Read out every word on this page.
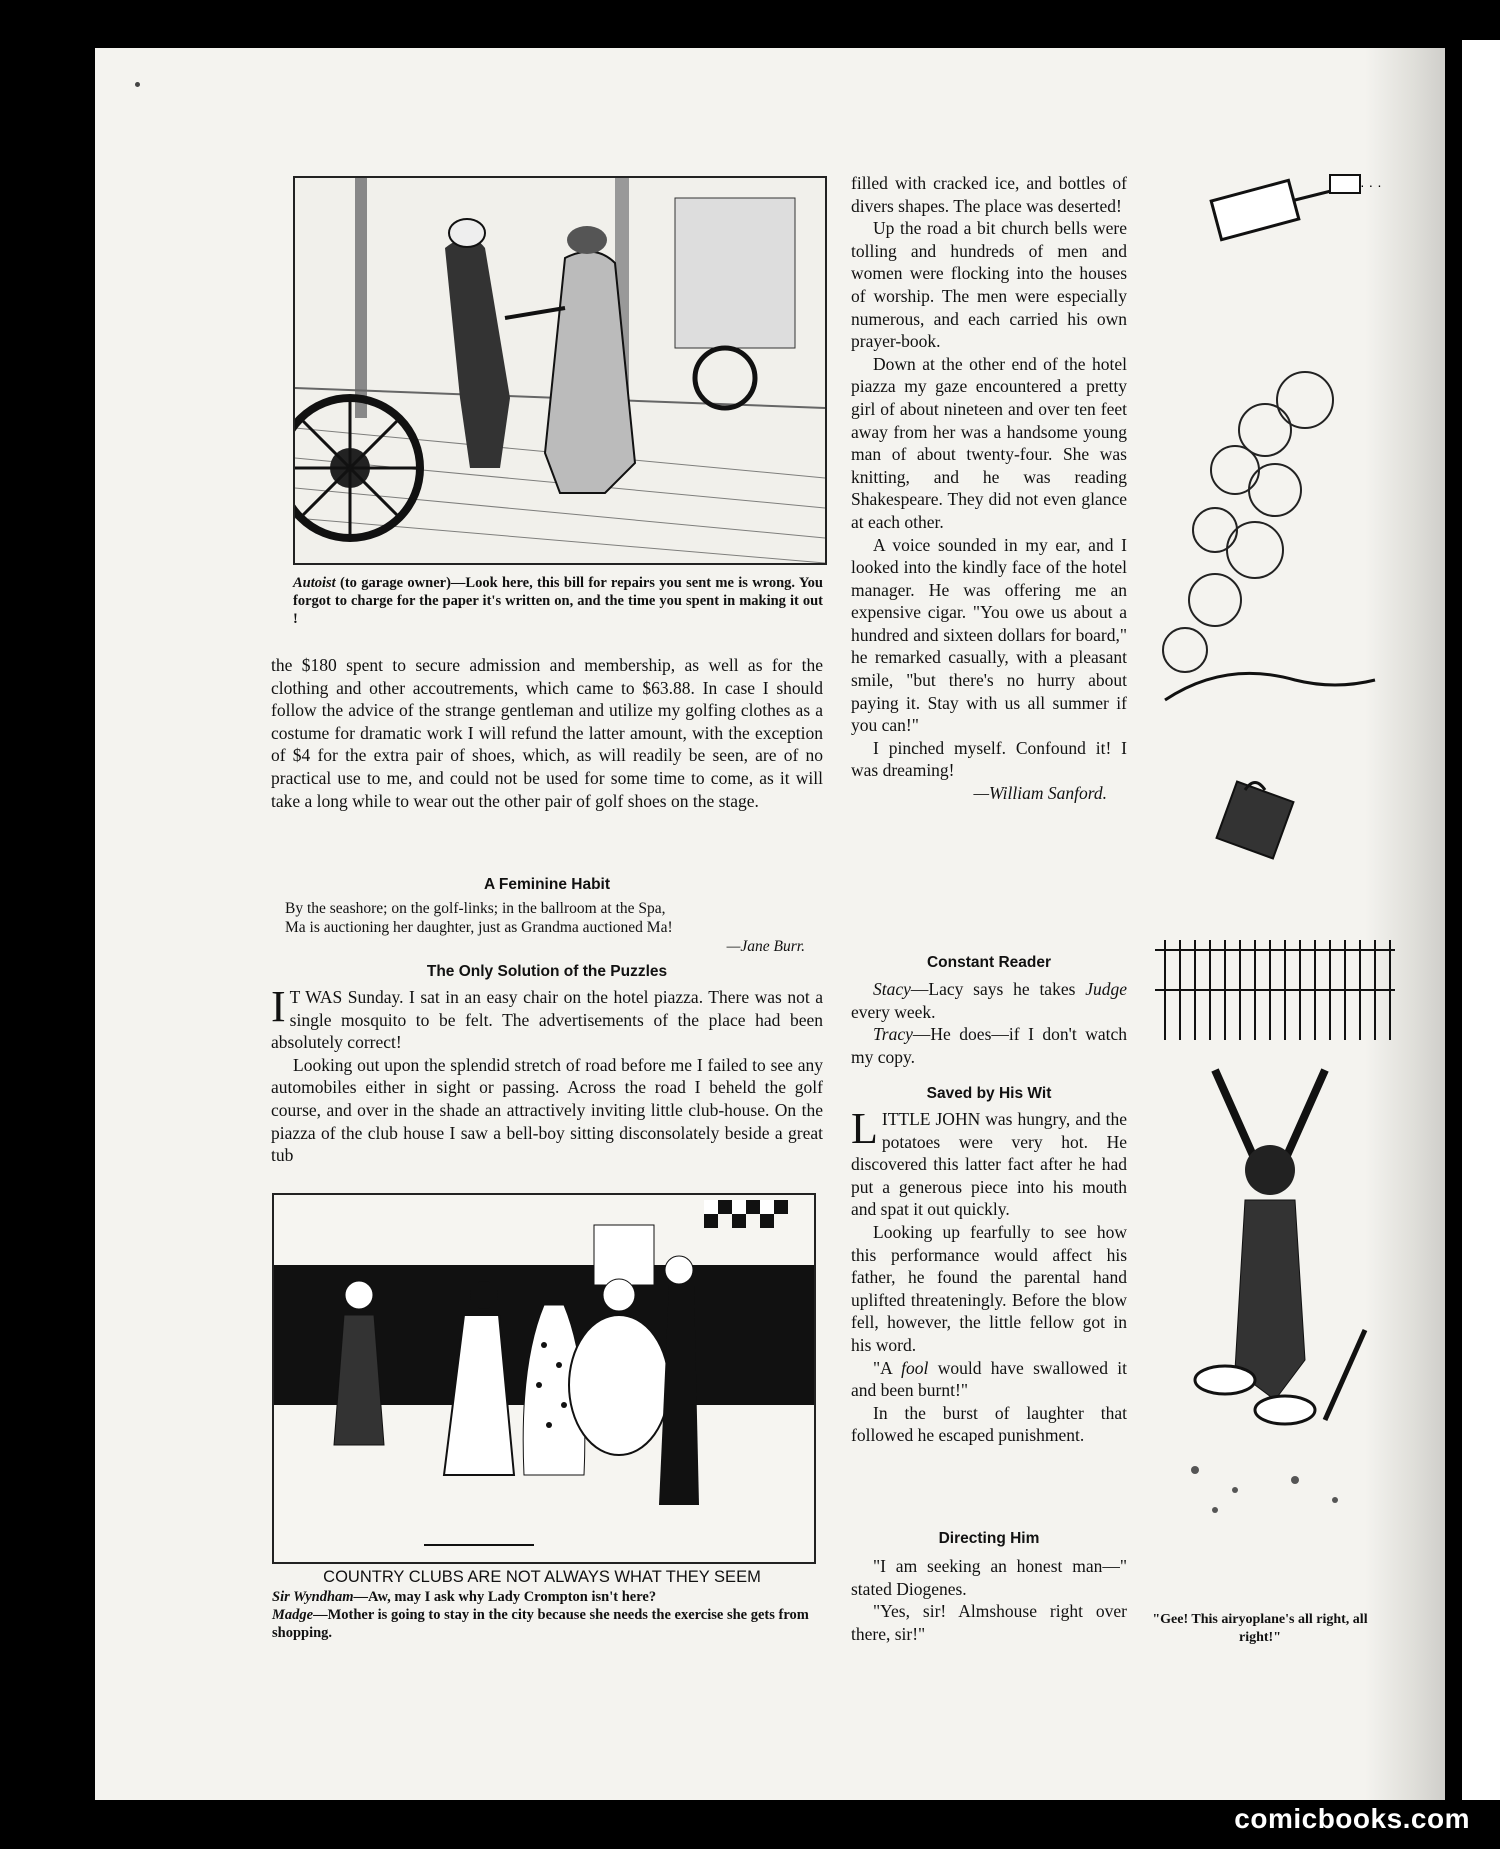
Autoist (to garage owner)—Look here, this bill for repairs you sent me is wrong. You forgot to charge for the paper it's written on, and the time you spent in making it out !

the $180 spent to secure admission and membership, as well as for the clothing and other accoutrements, which came to $63.88. In case I should follow the advice of the strange gentleman and utilize my golfing clothes as a costume for dramatic work I will refund the latter amount, with the exception of $4 for the extra pair of shoes, which, as will readily be seen, are of no practical use to me, and could not be used for some time to come, as it will take a long while to wear out the other pair of golf shoes on the stage.

A Feminine Habit
By the seashore; on the golf-links; in the ballroom at the Spa,
Ma is auctioning her daughter, just as Grandma auctioned Ma!
—Jane Burr.
The Only Solution of the Puzzles

I T WAS Sunday. I sat in an easy chair on the hotel piazza. There was not a single mosquito to be felt. The advertisements of the place had been absolutely correct!

Looking out upon the splendid stretch of road before me I failed to see any automobiles either in sight or passing. Across the road I beheld the golf course, and over in the shade an attractively inviting little club-house. On the piazza of the club house I saw a bell-boy sitting disconsolately beside a great tub

COUNTRY CLUBS ARE NOT ALWAYS WHAT THEY SEEM
Sir Wyndham—Aw, may I ask why Lady Crompton isn't here?
Madge—Mother is going to stay in the city because she needs the exercise she gets from shopping.

filled with cracked ice, and bottles of divers shapes. The place was deserted!

Up the road a bit church bells were tolling and hundreds of men and women were flocking into the houses of worship. The men were especially numerous, and each carried his own prayer-book.

Down at the other end of the hotel piazza my gaze encountered a pretty girl of about nineteen and over ten feet away from her was a handsome young man of about twenty-four. She was knitting, and he was reading Shakespeare. They did not even glance at each other.

A voice sounded in my ear, and I looked into the kindly face of the hotel manager. He was offering me an expensive cigar. "You owe us about a hundred and sixteen dollars for board," he remarked casually, with a pleasant smile, "but there's no hurry about paying it. Stay with us all summer if you can!"

I pinched myself. Confound it! I was dreaming!

—William Sanford.

Constant Reader

Stacy—Lacy says he takes Judge every week.

Tracy—He does—if I don't watch my copy.

Saved by His Wit

LITTLE JOHN was hungry, and the potatoes were very hot. He discovered this latter fact after he had put a generous piece into his mouth and spat it out quickly.

Looking up fearfully to see how this performance would affect his father, he found the parental hand uplifted threateningly. Before the blow fell, however, the little fellow got in his word.

"A fool would have swallowed it and been burnt!"

In the burst of laughter that followed he escaped punishment.

Directing Him

"I am seeking an honest man—" stated Diogenes.

"Yes, sir! Almshouse right over there, sir!"

· · ·
"Gee! This airyoplane's all right, all right!"
comicbooks.com
